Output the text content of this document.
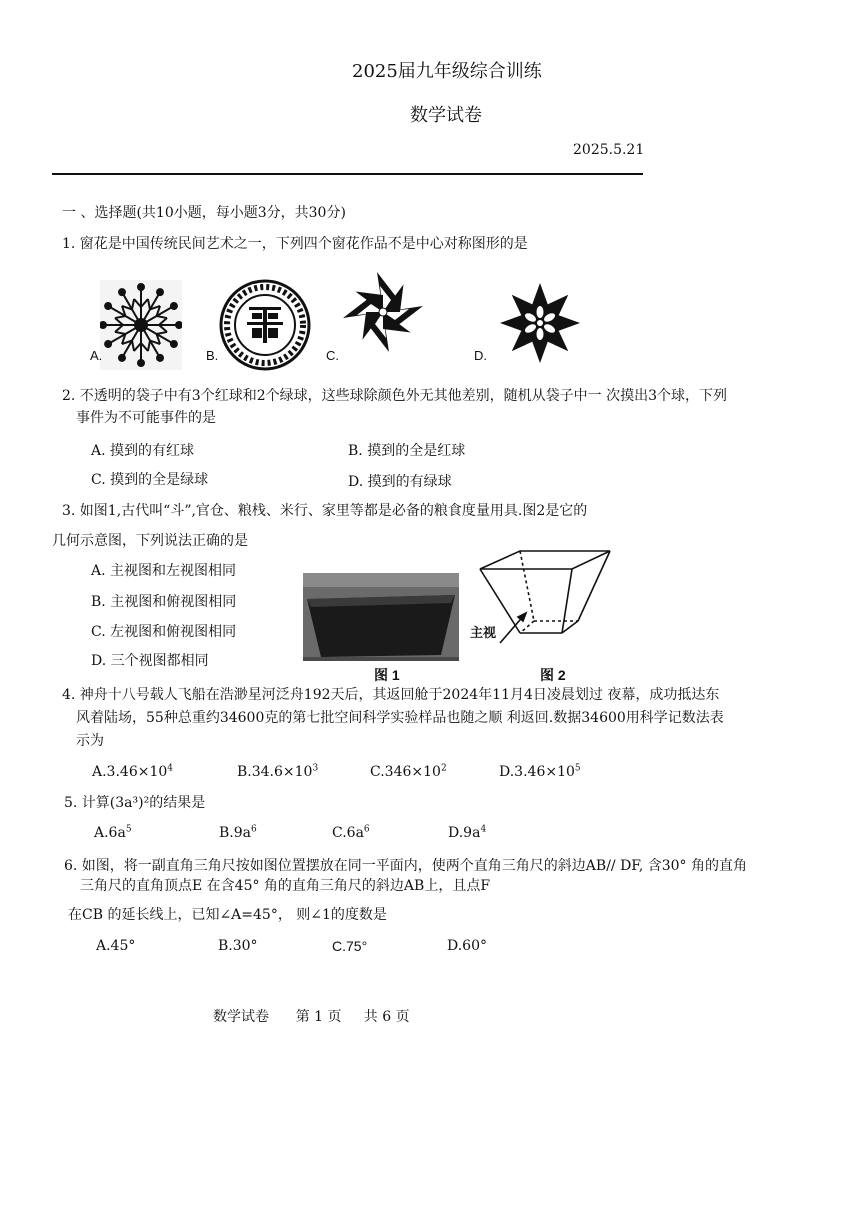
2025届九年级综合训练
数学试卷
2025.5.21
一 、选择题(共10小题，每小题3分，共30分)
1. 窗花是中国传统民间艺术之一，下列四个窗花作品不是中心对称图形的是
A.	B.	C.	D.
2. 不透明的袋子中有3个红球和2个绿球，这些球除颜色外无其他差别，随机从袋子中一 次摸出3个球，下列
事件为不可能事件的是
A. 摸到的有红球	B. 摸到的全是红球
C. 摸到的全是绿球	D. 摸到的有绿球
3. 如图1,古代叫“斗”,官仓、粮栈、米行、家里等都是必备的粮食度量用具.图2是它的
几何示意图，下列说法正确的是
A. 主视图和左视图相同
B. 主视图和俯视图相同
C. 左视图和俯视图相同
D. 三个视图都相同
图 1
主视
图 2
4. 神舟十八号载人飞船在浩渺星河泛舟192天后，其返回舱于2024年11月4日凌晨划过 夜幕，成功抵达东
风着陆场，55种总重约34600克的第七批空间科学实验样品也随之顺 利返回.数据34600用科学记数法表
示为
$A.3.46\times 10^4$	$B.34.6\times 10^3$	$C.346\times 10^2$	$D.3.46\times 10^5$
5. 计算(3a³)²的结果是
$A.6a^5$	$B.9a^6$	$C.6a^6$	$D.9a^4$
6. 如图，将一副直角三角尺按如图位置摆放在同一平面内，使两个直角三角尺的斜边AB// DF, 含30° 角的直角
三角尺的直角顶点E 在含45° 角的直角三角尺的斜边AB上，且点F
在CB 的延长线上，已知∠A=45°， 则∠1的度数是
A.45°	B.30°	C.75°	D.60°
数学试卷      第 1 页     共 6 页
